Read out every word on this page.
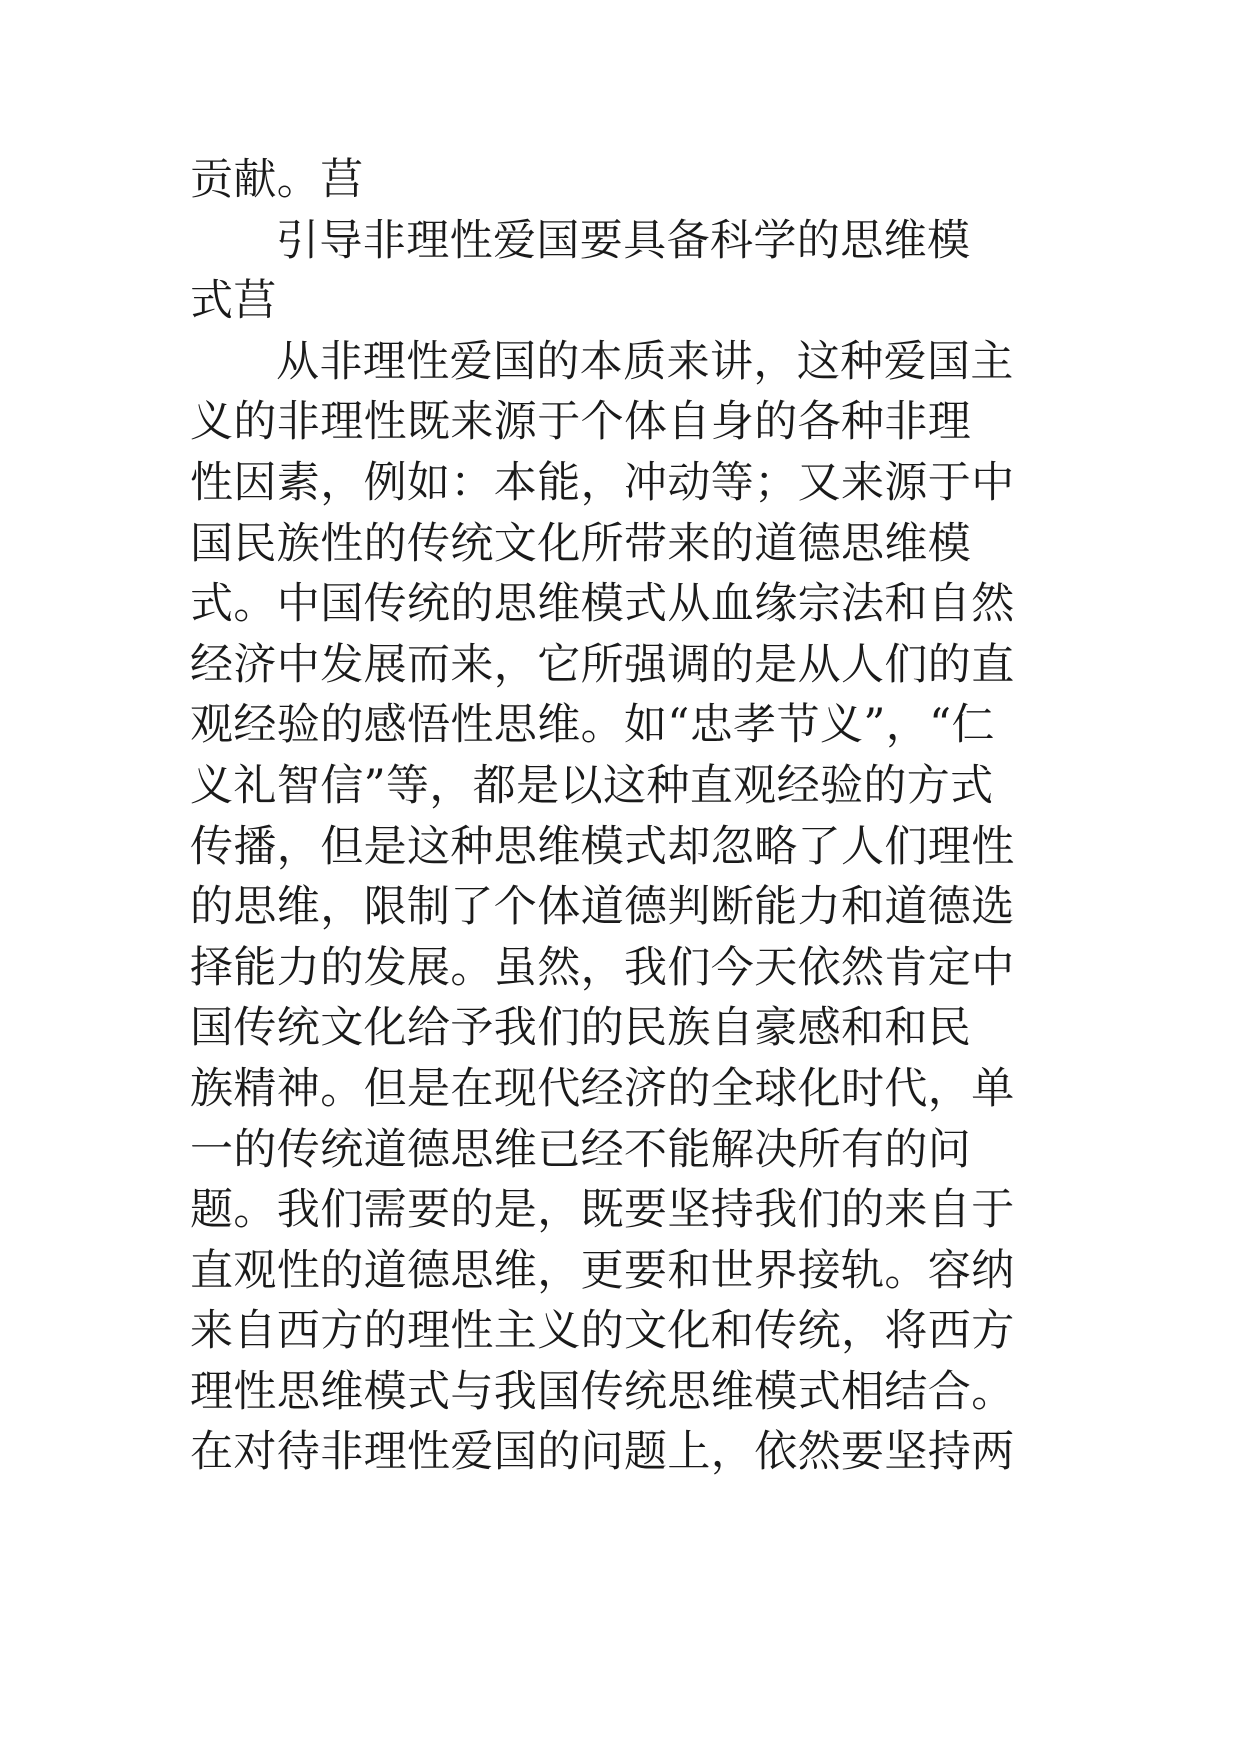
贡献。莒
引导非理性爱国要具备科学的思维模
式莒
从非理性爱国的本质来讲，这种爱国主
义的非理性既来源于个体自身的各种非理
性因素，例如：本能，冲动等；又来源于中
国民族性的传统文化所带来的道德思维模
式。中国传统的思维模式从血缘宗法和自然
经济中发展而来，它所强调的是从人们的直
观经验的感悟性思维。如“忠孝节义”，“仁
义礼智信”等，都是以这种直观经验的方式
传播，但是这种思维模式却忽略了人们理性
的思维，限制了个体道德判断能力和道德选
择能力的发展。虽然，我们今天依然肯定中
国传统文化给予我们的民族自豪感和和民
族精神。但是在现代经济的全球化时代，单
一的传统道德思维已经不能解决所有的问
题。我们需要的是，既要坚持我们的来自于
直观性的道德思维，更要和世界接轨。容纳
来自西方的理性主义的文化和传统，将西方
理性思维模式与我国传统思维模式相结合。
在对待非理性爱国的问题上，依然要坚持两
